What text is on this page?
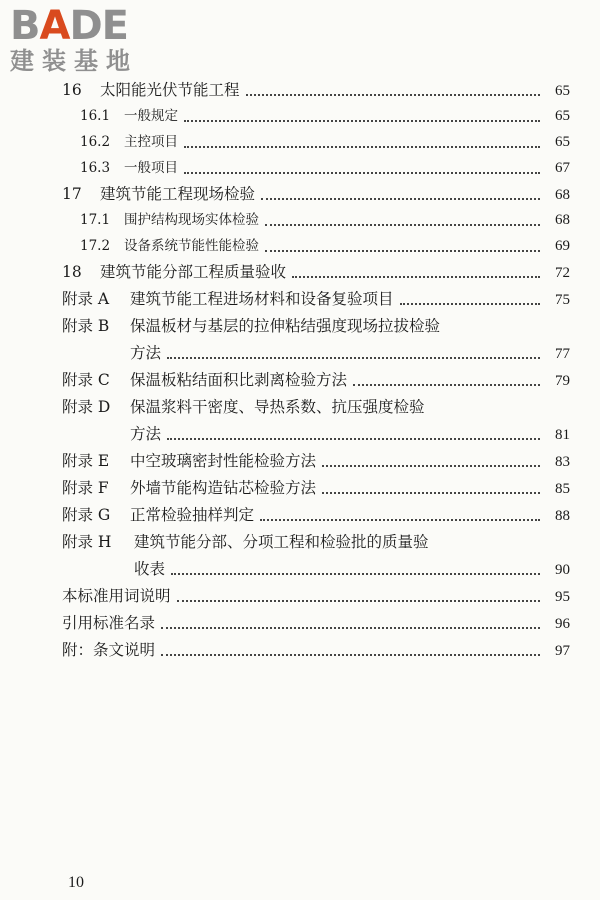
BADE
建装基地
16	太阳能光伏节能工程	65
16.1	一般规定	65
16.2	主控项目	65
16.3	一般项目	67
17	建筑节能工程现场检验	68
17.1	围护结构现场实体检验	68
17.2	设备系统节能性能检验	69
18	建筑节能分部工程质量验收	72
附录 A	建筑节能工程进场材料和设备复验项目	75
附录 B	保温板材与基层的拉伸粘结强度现场拉拔检验
方法	77
附录 C	保温板粘结面积比剥离检验方法	79
附录 D	保温浆料干密度、导热系数、抗压强度检验
方法	81
附录 E	中空玻璃密封性能检验方法	83
附录 F	外墙节能构造钻芯检验方法	85
附录 G	正常检验抽样判定	88
附录 H	建筑节能分部、分项工程和检验批的质量验
收表	90
本标准用词说明	95
引用标准名录	96
附：条文说明	97
10
